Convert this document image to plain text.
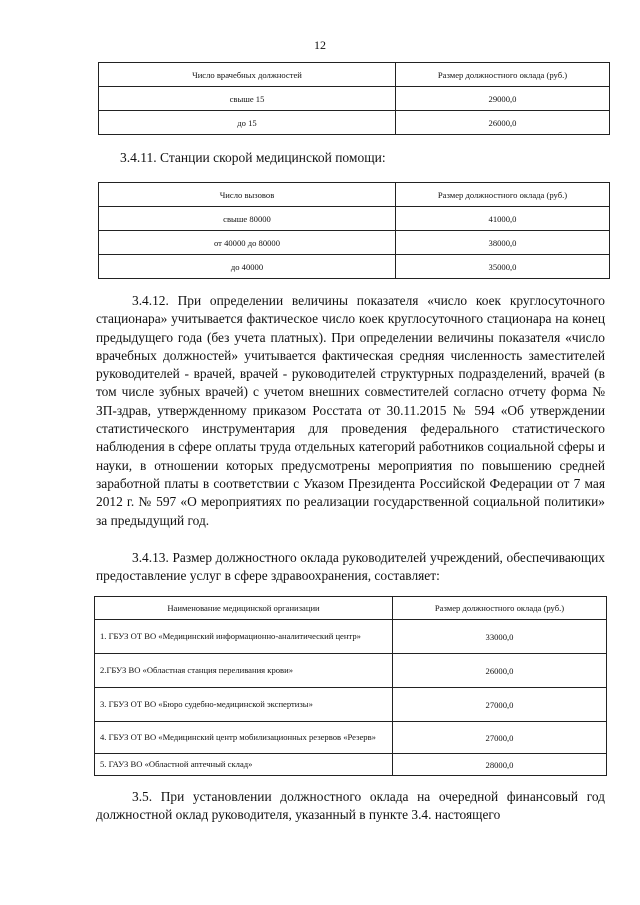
12
Число врачебных должностей	Размер должностного оклада (руб.)
свыше 15	29000,0
до 15	26000,0
3.4.11. Станции скорой медицинской помощи:
Число вызовов	Размер должностного оклада (руб.)
свыше 80000	41000,0
от 40000 до 80000	38000,0
до 40000	35000,0

3.4.12. При определении величины показателя «число коек круглосуточного стационара» учитывается фактическое число коек круглосуточного стационара на конец предыдущего года (без учета платных). При определении величины показателя «число врачебных должностей» учитывается фактическая средняя численность заместителей руководителей - врачей, врачей - руководителей структурных подразделений, врачей (в том числе зубных врачей) с учетом внешних совместителей согласно отчету форма № ЗП-здрав, утвержденному приказом Росстата от 30.11.2015 № 594 «Об утверждении статистического инструментария для проведения федерального статистического наблюдения в сфере оплаты труда отдельных категорий работников социальной сферы и науки, в отношении которых предусмотрены мероприятия по повышению средней заработной платы в соответствии с Указом Президента Российской Федерации от 7 мая 2012 г. № 597 «О мероприятиях по реализации государственной социальной политики» за предыдущий год.

3.4.13. Размер должностного оклада руководителей учреждений, обеспечивающих предоставление услуг в сфере здравоохранения, составляет:

Наименование медицинской организации	Размер должностного оклада (руб.)
1. ГБУЗ ОТ ВО «Медицинский информационно-аналитический центр»	33000,0
2.ГБУЗ ВО «Областная станция переливания крови»	26000,0
3. ГБУЗ ОТ ВО «Бюро судебно-медицинской экспертизы»	27000,0
4. ГБУЗ ОТ ВО «Медицинский центр мобилизационных резервов «Резерв»	27000,0
5. ГАУЗ ВО «Областной аптечный склад»	28000,0

3.5. При установлении должностного оклада на очередной финансовый год должностной оклад руководителя, указанный в пункте 3.4. настоящего
